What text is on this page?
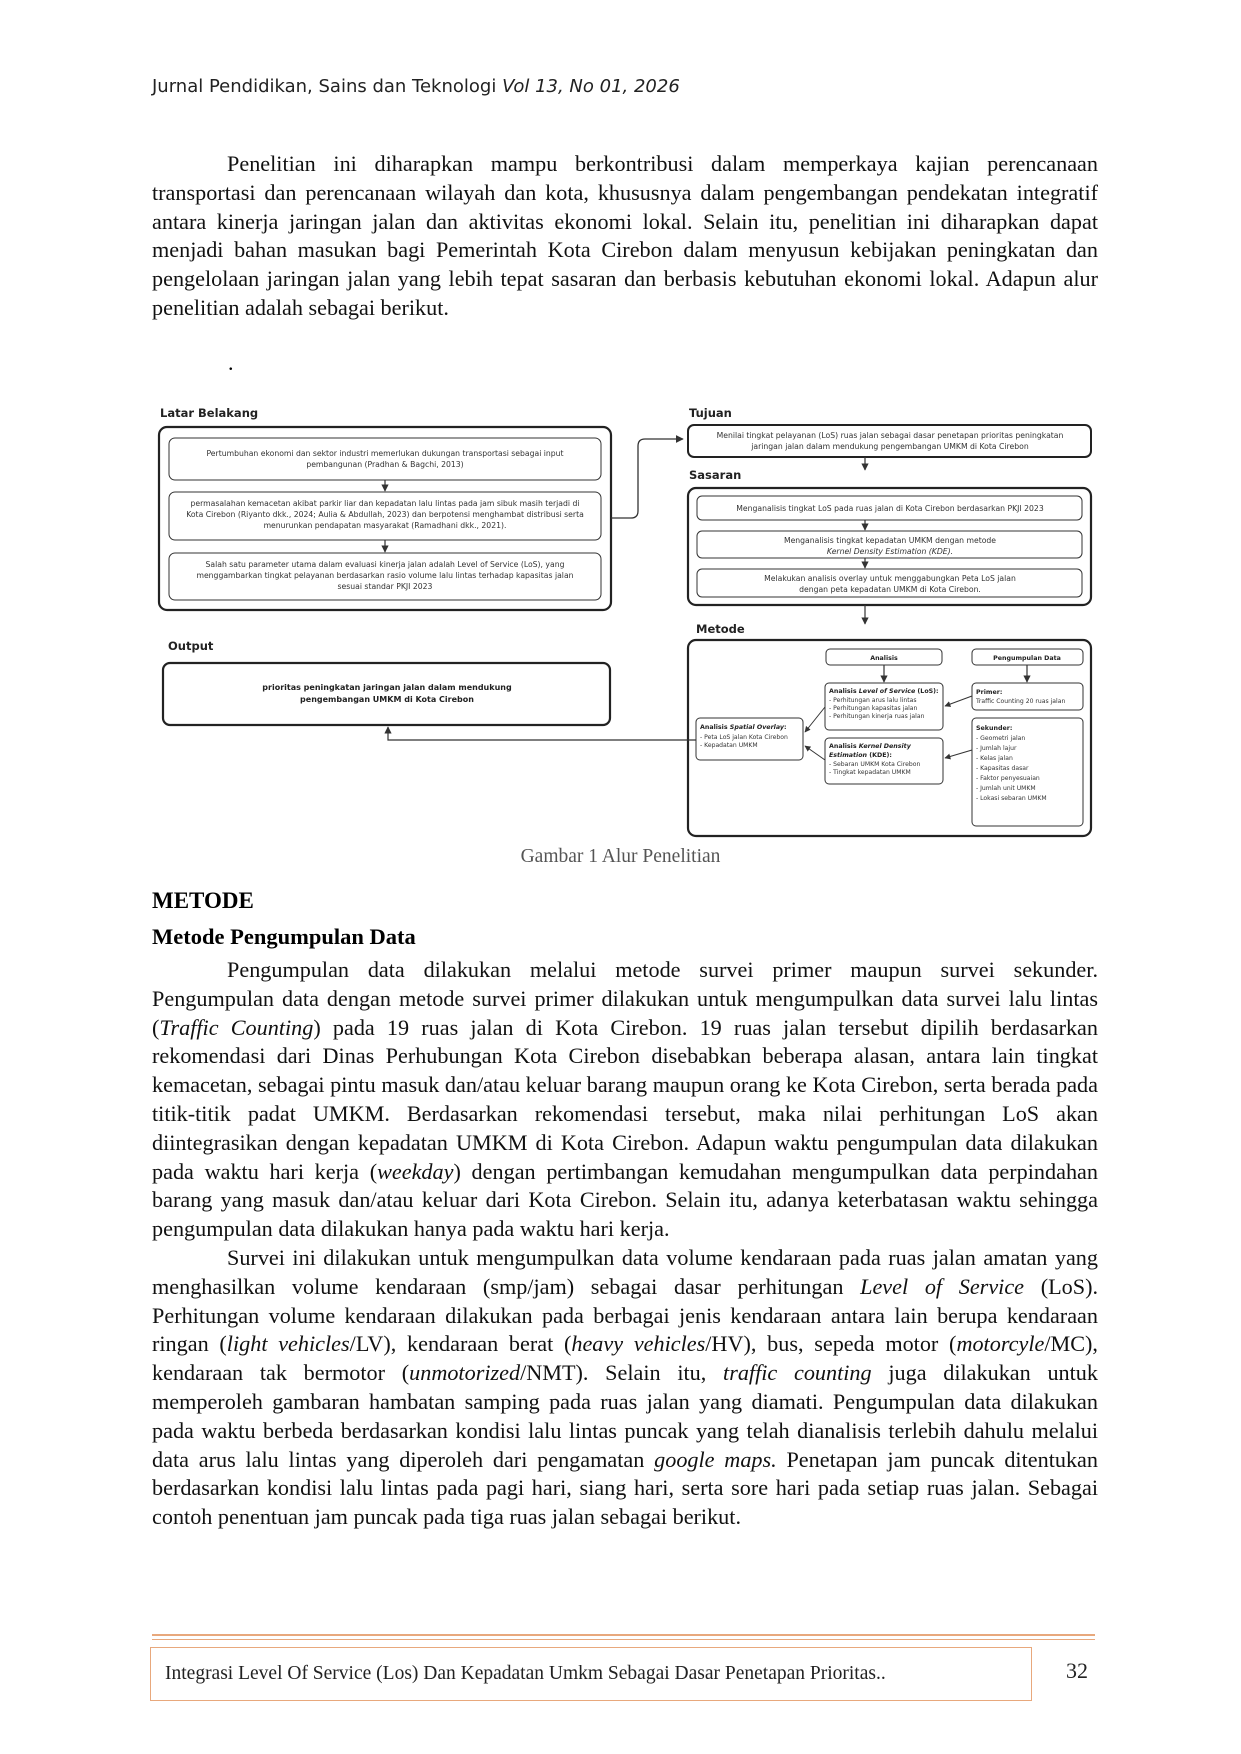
Jurnal Pendidikan, Sains dan Teknologi Vol 13, No 01, 2026

Penelitian ini diharapkan mampu berkontribusi dalam memperkaya kajian perencanaan transportasi dan perencanaan wilayah dan kota, khususnya dalam pengembangan pendekatan integratif antara kinerja jaringan jalan dan aktivitas ekonomi lokal. Selain itu, penelitian ini diharapkan dapat menjadi bahan masukan bagi Pemerintah Kota Cirebon dalam menyusun kebijakan peningkatan dan pengelolaan jaringan jalan yang lebih tepat sasaran dan berbasis kebutuhan ekonomi lokal. Adapun alur penelitian adalah sebagai berikut.

.
Latar Belakang
Pertumbuhan ekonomi dan sektor industri memerlukan dukungan transportasi sebagai input
pembangunan (Pradhan & Bagchi, 2013)
permasalahan kemacetan akibat parkir liar dan kepadatan lalu lintas pada jam sibuk masih terjadi di
Kota Cirebon (Riyanto dkk., 2024; Aulia & Abdullah, 2023) dan berpotensi menghambat distribusi serta
menurunkan pendapatan masyarakat (Ramadhani dkk., 2021).
Salah satu parameter utama dalam evaluasi kinerja jalan adalah Level of Service (LoS), yang
menggambarkan tingkat pelayanan berdasarkan rasio volume lalu lintas terhadap kapasitas jalan
sesuai standar PKJI 2023
Tujuan
Menilai tingkat pelayanan (LoS) ruas jalan sebagai dasar penetapan prioritas peningkatan
jaringan jalan dalam mendukung pengembangan UMKM di Kota Cirebon
Sasaran
Menganalisis tingkat LoS pada ruas jalan di Kota Cirebon berdasarkan PKJI 2023
Menganalisis tingkat kepadatan UMKM dengan metode
Kernel Density Estimation (KDE).
Melakukan analisis overlay untuk menggabungkan Peta LoS jalan
dengan peta kepadatan UMKM di Kota Cirebon.
Output
prioritas peningkatan jaringan jalan dalam mendukung
pengembangan UMKM di Kota Cirebon
Metode
Analisis	Pengumpulan Data
Analisis Level of Service (LoS):
- Perhitungan arus lalu lintas
- Perhitungan kapasitas jalan
- Perhitungan kinerja ruas jalan
Analisis Kernel Density
Estimation (KDE):
- Sebaran UMKM Kota Cirebon
- Tingkat kepadatan UMKM
Analisis Spatial Overlay:
- Peta LoS jalan Kota Cirebon
- Kepadatan UMKM
Primer:
Traffic Counting 20 ruas jalan
Sekunder:
- Geometri jalan
- Jumlah lajur
- Kelas jalan
- Kapasitas dasar
- Faktor penyesuaian
- Jumlah unit UMKM
- Lokasi sebaran UMKM
Gambar 1 Alur Penelitian
METODE
Metode Pengumpulan Data

Pengumpulan data dilakukan melalui metode survei primer maupun survei sekunder. Pengumpulan data dengan metode survei primer dilakukan untuk mengumpulkan data survei lalu lintas (Traffic Counting) pada 19 ruas jalan di Kota Cirebon. 19 ruas jalan tersebut dipilih berdasarkan rekomendasi dari Dinas Perhubungan Kota Cirebon disebabkan beberapa alasan, antara lain tingkat kemacetan, sebagai pintu masuk dan/atau keluar barang maupun orang ke Kota Cirebon, serta berada pada titik-titik padat UMKM. Berdasarkan rekomendasi tersebut, maka nilai perhitungan LoS akan diintegrasikan dengan kepadatan UMKM di Kota Cirebon. Adapun waktu pengumpulan data dilakukan pada waktu hari kerja (weekday) dengan pertimbangan kemudahan mengumpulkan data perpindahan barang yang masuk dan/atau keluar dari Kota Cirebon. Selain itu, adanya keterbatasan waktu sehingga pengumpulan data dilakukan hanya pada waktu hari kerja.

Survei ini dilakukan untuk mengumpulkan data volume kendaraan pada ruas jalan amatan yang menghasilkan volume kendaraan (smp/jam) sebagai dasar perhitungan Level of Service (LoS). Perhitungan volume kendaraan dilakukan pada berbagai jenis kendaraan antara lain berupa kendaraan ringan (light vehicles/LV), kendaraan berat (heavy vehicles/HV), bus, sepeda motor (motorcyle/MC), kendaraan tak bermotor (unmotorized/NMT). Selain itu, traffic counting juga dilakukan untuk memperoleh gambaran hambatan samping pada ruas jalan yang diamati. Pengumpulan data dilakukan pada waktu berbeda berdasarkan kondisi lalu lintas puncak yang telah dianalisis terlebih dahulu melalui data arus lalu lintas yang diperoleh dari pengamatan google maps. Penetapan jam puncak ditentukan berdasarkan kondisi lalu lintas pada pagi hari, siang hari, serta sore hari pada setiap ruas jalan. Sebagai contoh penentuan jam puncak pada tiga ruas jalan sebagai berikut.

Integrasi Level Of Service (Los) Dan Kepadatan Umkm Sebagai Dasar Penetapan Prioritas..	32
